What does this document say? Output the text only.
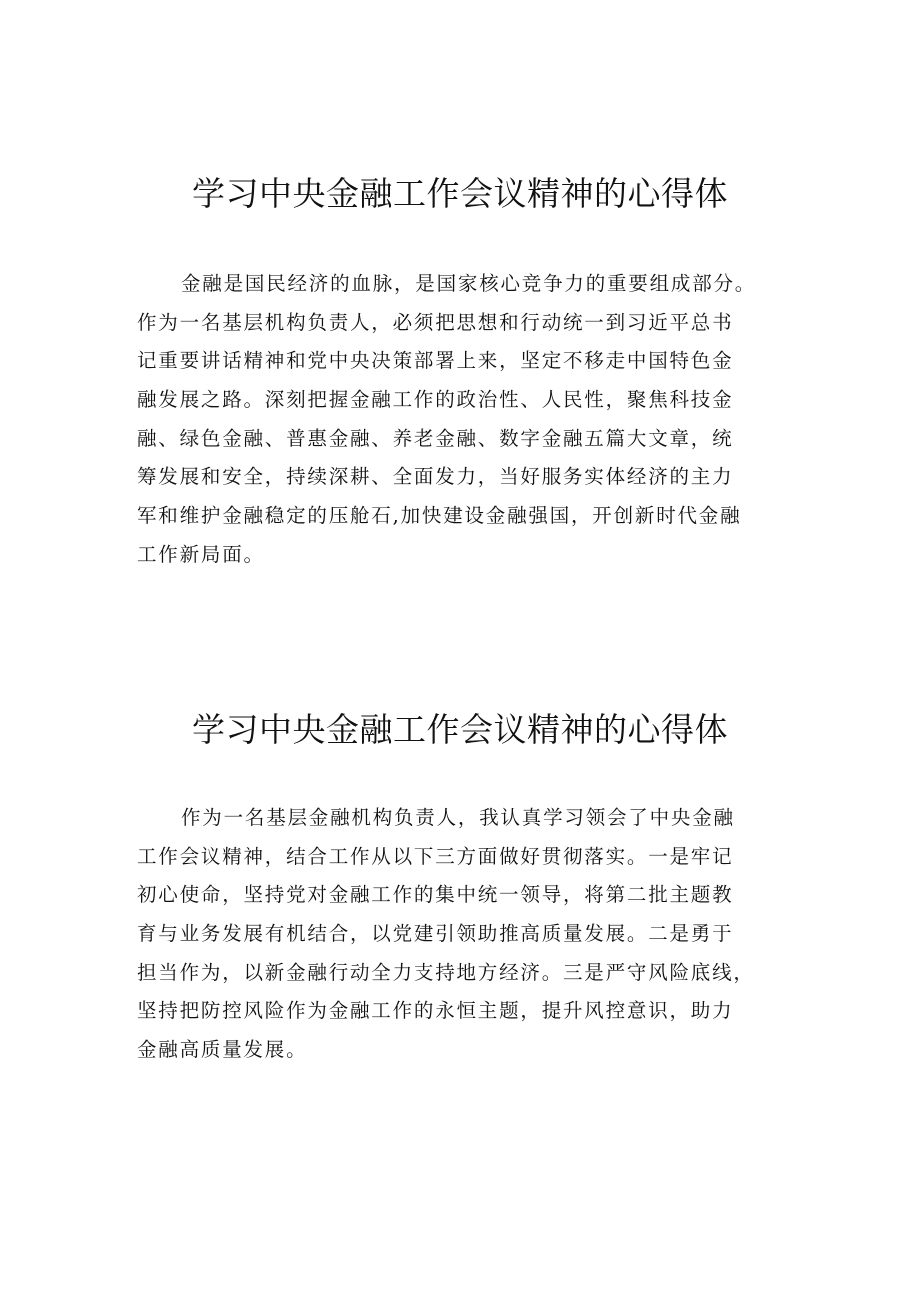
学习中央金融工作会议精神的心得体
金融是国民经济的血脉，是国家核心竞争力的重要组成部分。
作为一名基层机构负责人，必须把思想和行动统一到习近平总书
记重要讲话精神和党中央决策部署上来，坚定不移走中国特色金
融发展之路。深刻把握金融工作的政治性、人民性，聚焦科技金
融、绿色金融、普惠金融、养老金融、数字金融五篇大文章，统
筹发展和安全，持续深耕、全面发力，当好服务实体经济的主力
军和维护金融稳定的压舱石,加快建设金融强国，开创新时代金融
工作新局面。
学习中央金融工作会议精神的心得体
作为一名基层金融机构负责人，我认真学习领会了中央金融
工作会议精神，结合工作从以下三方面做好贯彻落实。一是牢记
初心使命，坚持党对金融工作的集中统一领导，将第二批主题教
育与业务发展有机结合，以党建引领助推高质量发展。二是勇于
担当作为，以新金融行动全力支持地方经济。三是严守风险底线，
坚持把防控风险作为金融工作的永恒主题，提升风控意识，助力
金融高质量发展。
